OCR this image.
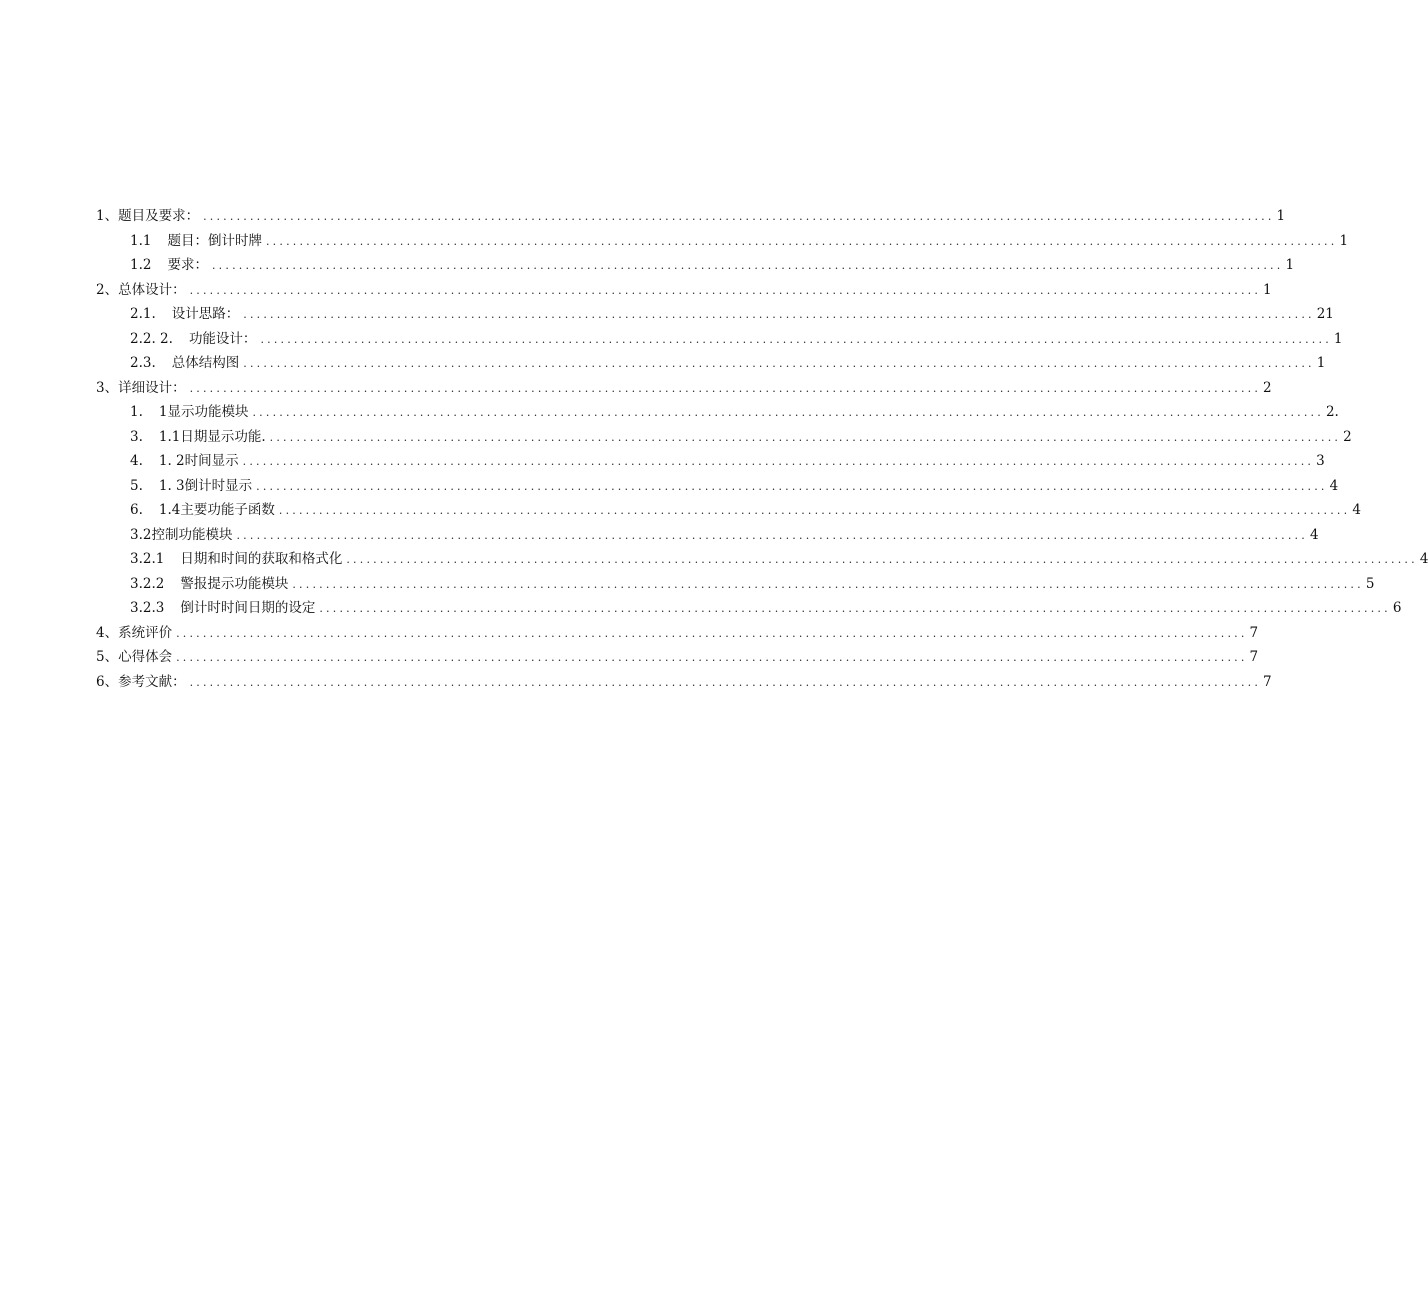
1、 题目及要求： ................................................................................................................................................................ 1
1.1 题目：倒计时牌 ................................................................................................................................................................ 1
1.2 要求： ................................................................................................................................................................ 1
2、 总体设计： ................................................................................................................................................................ 1
2.1. 设计思路： ................................................................................................................................................................ 21
2.2. 2. 功能设计： ................................................................................................................................................................ 1
2.3. 总体结构图 ................................................................................................................................................................ 1
3、 详细设计： ................................................................................................................................................................ 2
1. 1显示功能模块 ................................................................................................................................................................ 2.
3. 1.1日期显示功能. ................................................................................................................................................................ 2
4. 1. 2时间显示 ................................................................................................................................................................ 3
5. 1. 3倒计时显示 ................................................................................................................................................................ 4
6. 1.4主要功能子函数 ................................................................................................................................................................ 4
3.2控制功能模块 ................................................................................................................................................................ 4
3.2.1 日期和时间的获取和格式化 ................................................................................................................................................................ 4
3.2.2 警报提示功能模块 ................................................................................................................................................................ 5
3.2.3 倒计时时间日期的设定 ................................................................................................................................................................ 6
4、 系统评价 ................................................................................................................................................................ 7
5、 心得体会 ................................................................................................................................................................ 7
6、 参考文献： ................................................................................................................................................................ 7
